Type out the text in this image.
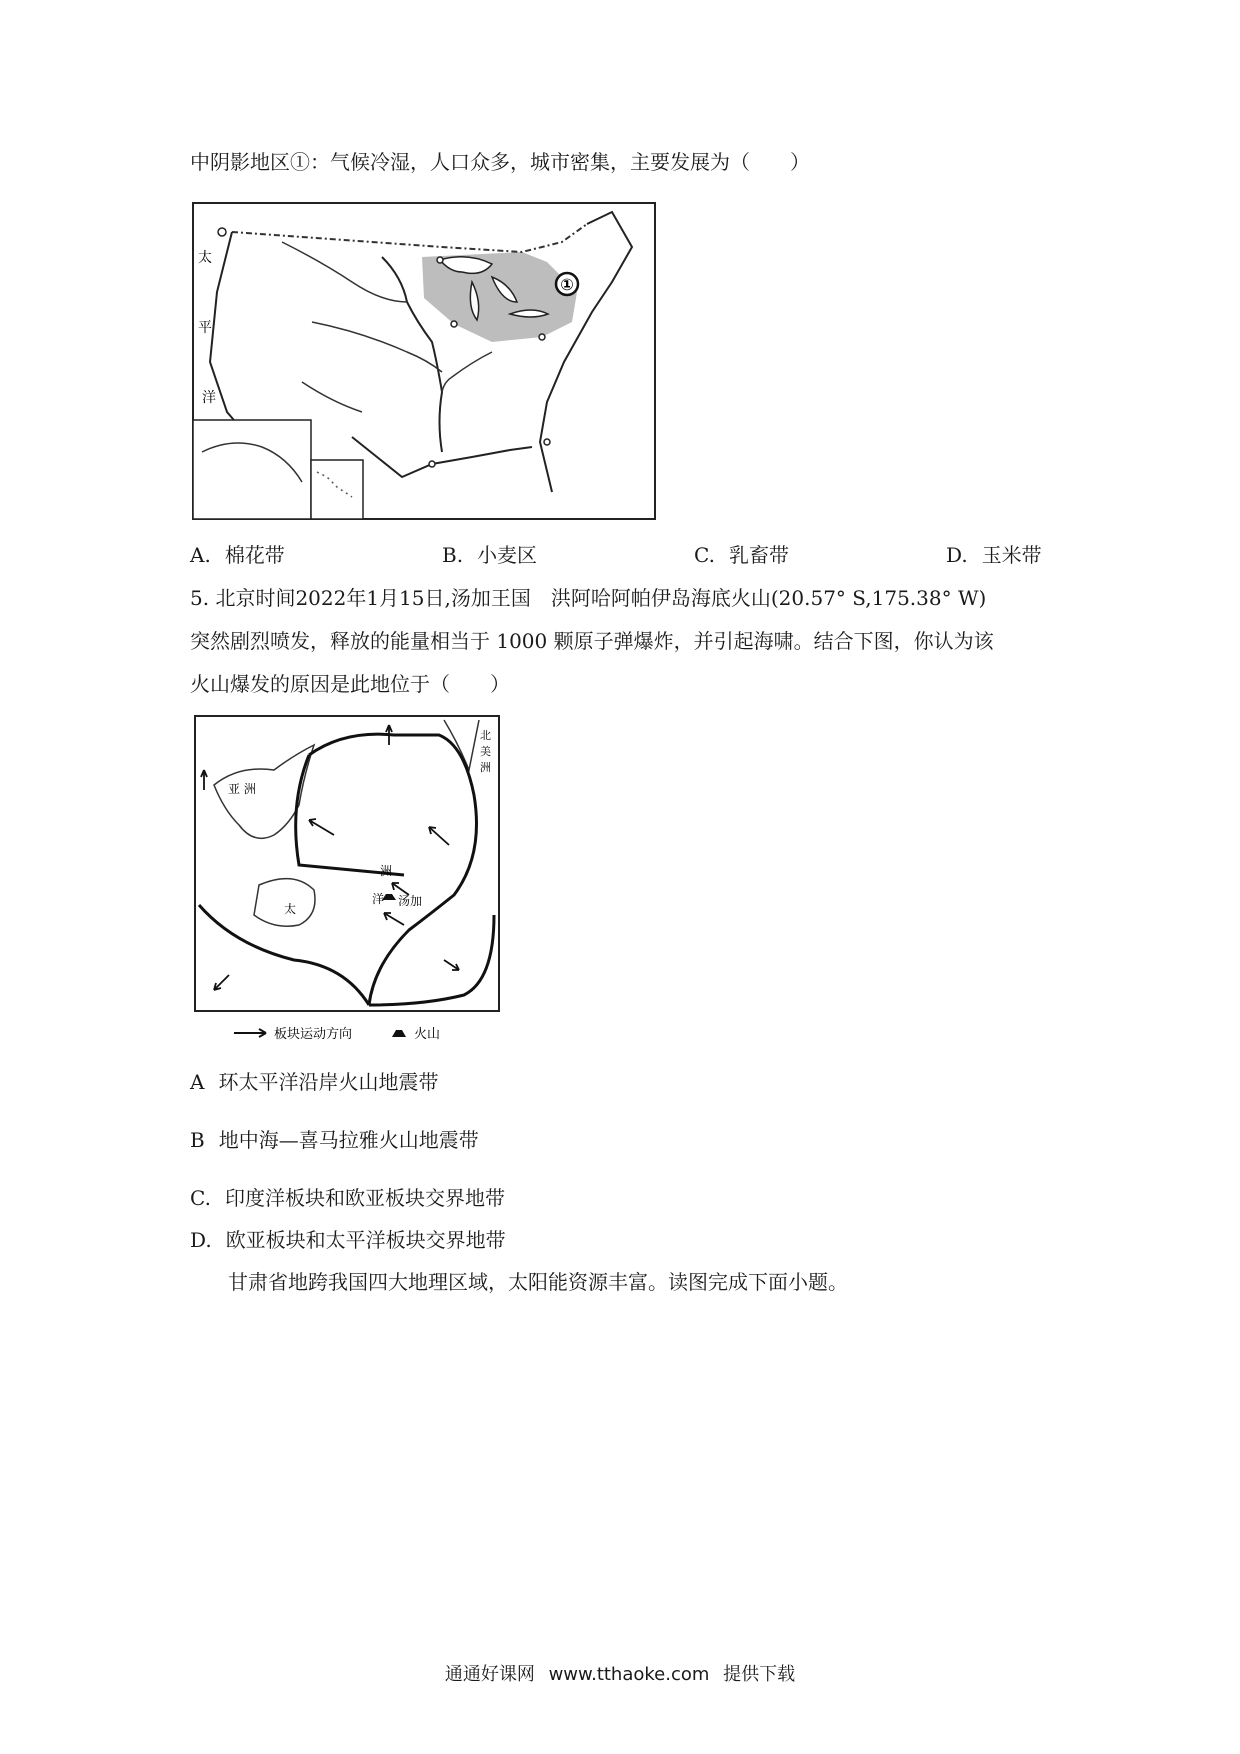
中阴影地区①：气候冷湿，人口众多，城市密集，主要发展为（　　）
太
平
洋
①
A. 棉花带	B. 小麦区	C. 乳畜带	D. 玉米带
5. 北京时间2022年1月15日,汤加王国　洪阿哈阿帕伊岛海底火山(20.57° S,175.38° W)
突然剧烈喷发，释放的能量相当于 1000 颗原子弹爆炸，并引起海啸。结合下图，你认为该
火山爆发的原因是此地位于（　　）
亚 洲
北
美
洲
洲
洋
太
汤加
板块运动方向	火山
A 环太平洋沿岸火山地震带
B 地中海—喜马拉雅火山地震带
C. 印度洋板块和欧亚板块交界地带
D. 欧亚板块和太平洋板块交界地带
甘肃省地跨我国四大地理区域，太阳能资源丰富。读图完成下面小题。
通通好课网 www.tthaoke.com 提供下载
